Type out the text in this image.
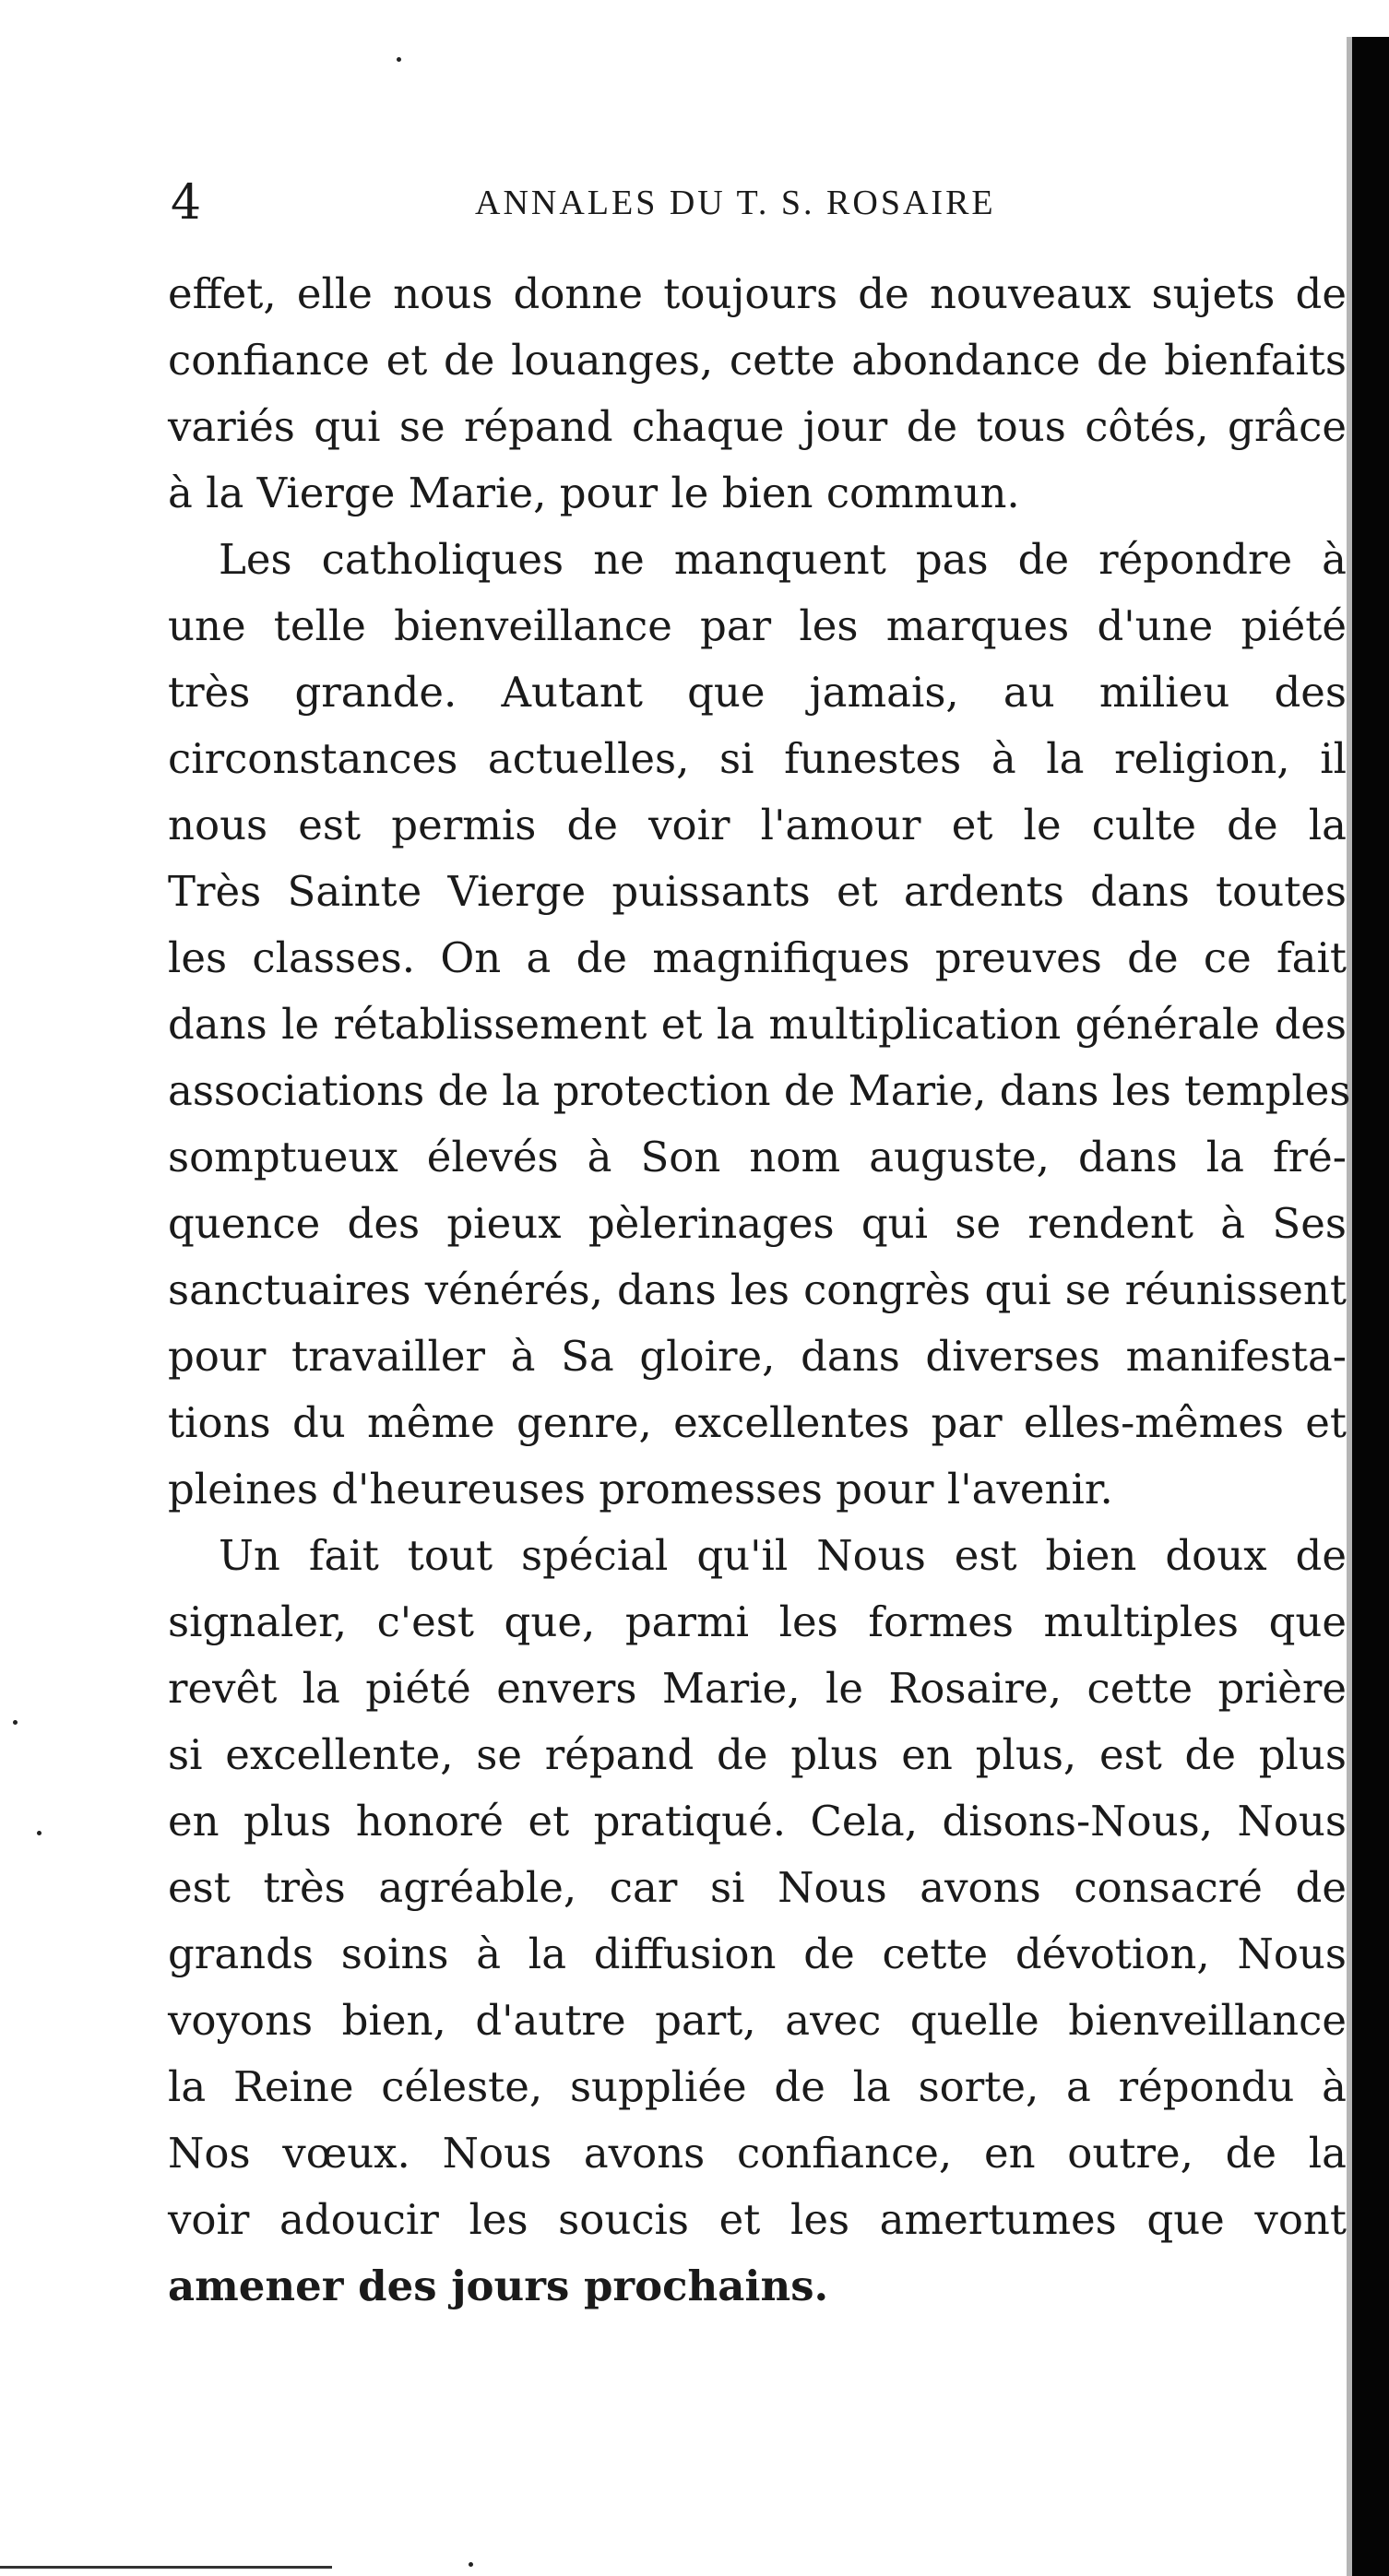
4	ANNALES DU T. S. ROSAIRE
effet, elle nous donne toujours de nouveaux sujets de
confiance et de louanges, cette abondance de bienfaits
variés qui se répand chaque jour de tous côtés, grâce
à la Vierge Marie, pour le bien commun.
Les catholiques ne manquent pas de répondre à
une telle bienveillance par les marques d'une piété
très grande. Autant que jamais, au milieu des
circonstances actuelles, si funestes à la religion, il
nous est permis de voir l'amour et le culte de la
Très Sainte Vierge puissants et ardents dans toutes
les classes. On a de magnifiques preuves de ce fait
dans le rétablissement et la multiplication générale des
associations de la protection de Marie, dans les temples
somptueux élevés à Son nom auguste, dans la fré-
quence des pieux pèlerinages qui se rendent à Ses
sanctuaires vénérés, dans les congrès qui se réunissent
pour travailler à Sa gloire, dans diverses manifesta-
tions du même genre, excellentes par elles-mêmes et
pleines d'heureuses promesses pour l'avenir.
Un fait tout spécial qu'il Nous est bien doux de
signaler, c'est que, parmi les formes multiples que
revêt la piété envers Marie, le Rosaire, cette prière
si excellente, se répand de plus en plus, est de plus
en plus honoré et pratiqué. Cela, disons-Nous, Nous
est très agréable, car si Nous avons consacré de
grands soins à la diffusion de cette dévotion, Nous
voyons bien, d'autre part, avec quelle bienveillance
la Reine céleste, suppliée de la sorte, a répondu à
Nos vœux. Nous avons confiance, en outre, de la
voir adoucir les soucis et les amertumes que vont
amener des jours prochains.
